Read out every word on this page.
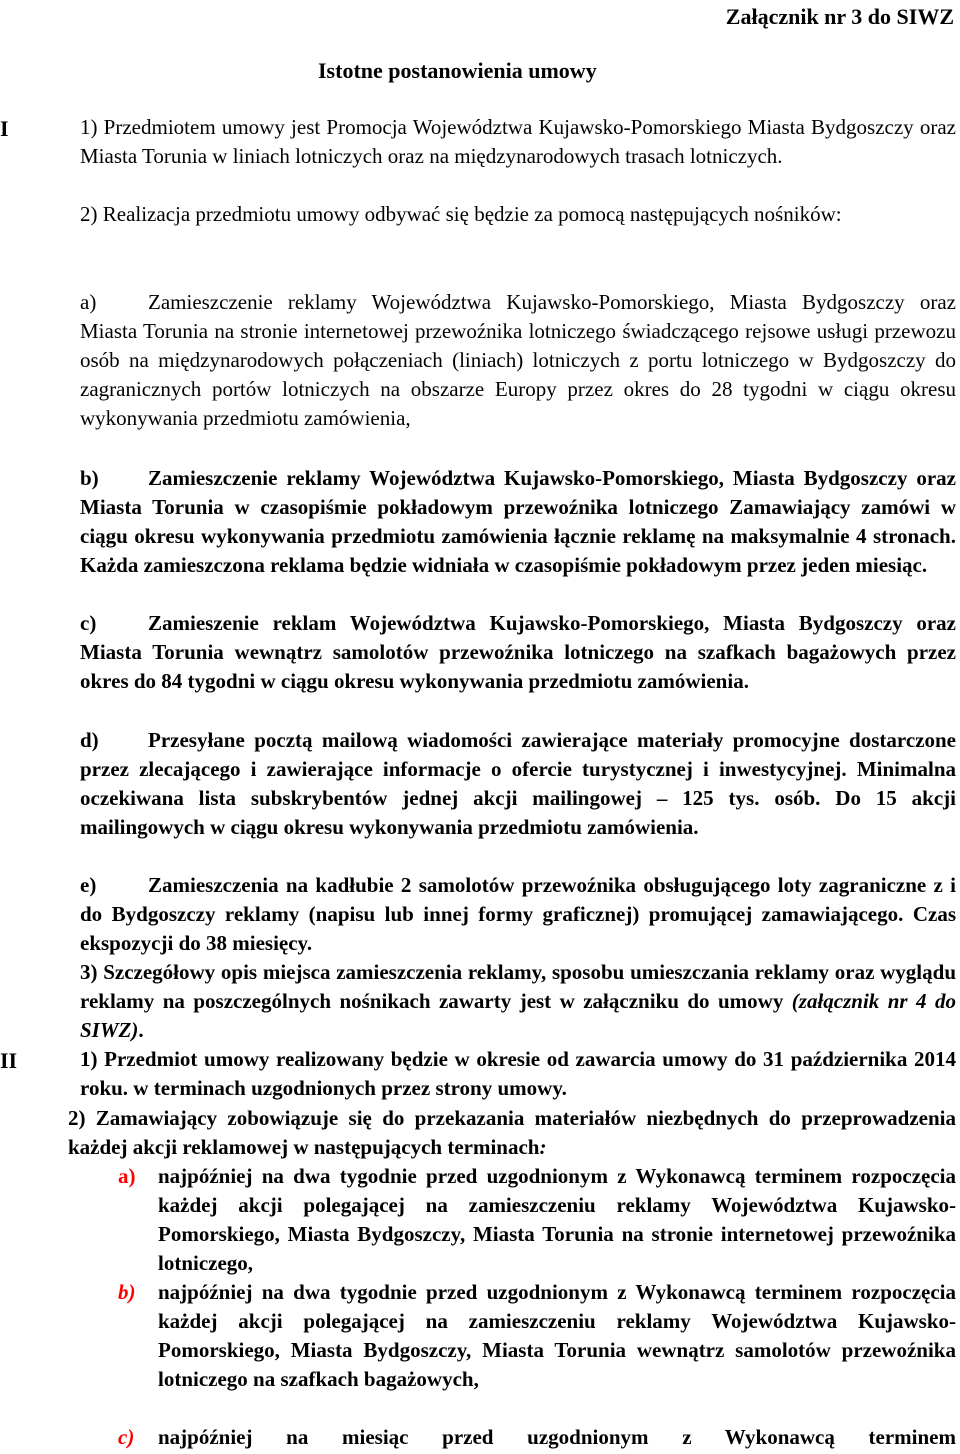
Załącznik nr 3 do SIWZ
Istotne postanowienia umowy
I	1) Przedmiotem umowy jest Promocja Województwa Kujawsko-Pomorskiego Miasta Bydgoszczy oraz Miasta Torunia w liniach lotniczych oraz na międzynarodowych trasach lotniczych.
2) Realizacja przedmiotu umowy odbywać się będzie za pomocą następujących nośników:
a)	Zamieszczenie reklamy Województwa Kujawsko-Pomorskiego, Miasta Bydgoszczy oraz Miasta Torunia na stronie internetowej przewoźnika lotniczego świadczącego rejsowe usługi przewozu osób na międzynarodowych połączeniach (liniach) lotniczych z portu lotniczego w Bydgoszczy do zagranicznych portów lotniczych na obszarze Europy przez okres do 28 tygodni w ciągu okresu wykonywania przedmiotu zamówienia,
b)	Zamieszczenie reklamy Województwa Kujawsko-Pomorskiego, Miasta Bydgoszczy oraz Miasta Torunia w czasopiśmie pokładowym przewoźnika lotniczego Zamawiający zamówi w ciągu okresu wykonywania przedmiotu zamówienia łącznie reklamę na maksymalnie 4 stronach. Każda zamieszczona reklama będzie widniała w czasopiśmie pokładowym przez jeden miesiąc.
c)	Zamieszenie reklam Województwa Kujawsko-Pomorskiego, Miasta Bydgoszczy oraz Miasta Torunia wewnątrz samolotów przewoźnika lotniczego na szafkach bagażowych przez okres do 84 tygodni w ciągu okresu wykonywania przedmiotu zamówienia.
d)	Przesyłane pocztą mailową wiadomości zawierające materiały promocyjne dostarczone przez zlecającego i zawierające informacje o ofercie turystycznej i inwestycyjnej. Minimalna oczekiwana lista subskrybentów jednej akcji mailingowej – 125 tys. osób. Do 15 akcji mailingowych w ciągu okresu wykonywania przedmiotu zamówienia.
e)	Zamieszczenia na kadłubie 2 samolotów przewoźnika obsługującego loty zagraniczne z i do Bydgoszczy reklamy (napisu lub innej formy graficznej) promującej zamawiającego. Czas ekspozycji do 38 miesięcy.
3) Szczegółowy opis miejsca zamieszczenia reklamy, sposobu umieszczania reklamy oraz wyglądu reklamy na poszczególnych nośnikach zawarty jest w załączniku do umowy (załącznik nr 4 do SIWZ).
II	1) Przedmiot umowy realizowany będzie w okresie od zawarcia umowy do 31 października 2014 roku. w terminach uzgodnionych przez strony umowy.
2) Zamawiający zobowiązuje się do przekazania materiałów niezbędnych do przeprowadzenia każdej akcji reklamowej w następujących terminach:
a) najpóźniej na dwa tygodnie przed uzgodnionym z Wykonawcą terminem rozpoczęcia każdej akcji polegającej na zamieszczeniu reklamy Województwa Kujawsko-Pomorskiego, Miasta Bydgoszczy, Miasta Torunia na stronie internetowej przewoźnika lotniczego,
b) najpóźniej na dwa tygodnie przed uzgodnionym z Wykonawcą terminem rozpoczęcia każdej akcji polegającej na zamieszczeniu reklamy Województwa Kujawsko-Pomorskiego, Miasta Bydgoszczy, Miasta Torunia wewnątrz samolotów przewoźnika lotniczego na szafkach bagażowych,
c) najpóźniej na miesiąc przed uzgodnionym z Wykonawcą terminem
